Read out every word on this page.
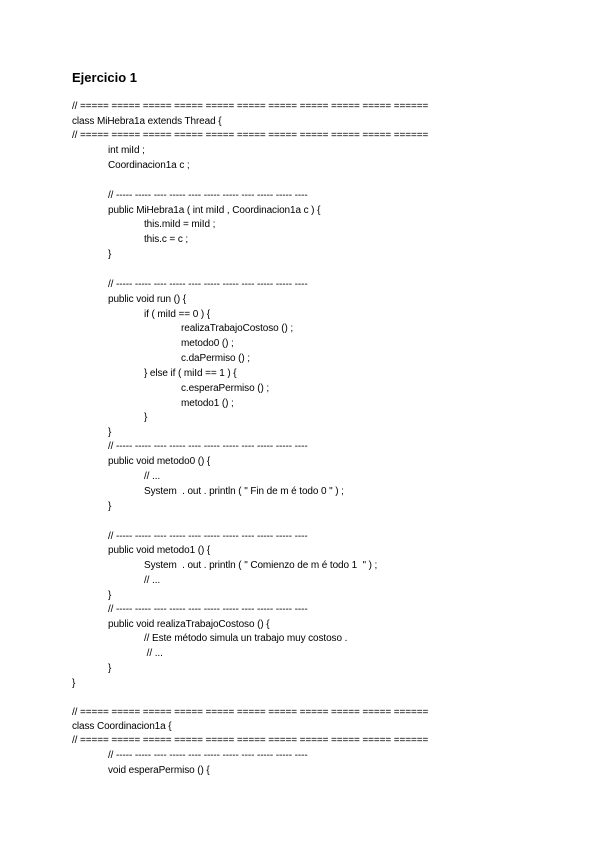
Ejercicio 1
// ===== ===== ===== ===== ===== ===== ===== ===== ===== ===== ======
class MiHebra1a extends Thread {
// ===== ===== ===== ===== ===== ===== ===== ===== ===== ===== ======
int miId ;
Coordinacion1a c ;
// ----- ----- ---- ----- ---- ----- ----- ---- ----- ----- ----
public MiHebra1a ( int miId , Coordinacion1a c ) {
this.miId = miId ;
this.c = c ;
}
// ----- ----- ---- ----- ---- ----- ----- ---- ----- ----- ----
public void run () {
if ( miId == 0 ) {
realizaTrabajoCostoso () ;
metodo0 () ;
c.daPermiso () ;
} else if ( miId == 1 ) {
c.esperaPermiso () ;
metodo1 () ;
}
}
// ----- ----- ---- ----- ---- ----- ----- ---- ----- ----- ----
public void metodo0 () {
// ...
System  . out . println ( " Fin de m é todo 0 " ) ;
}
// ----- ----- ---- ----- ---- ----- ----- ---- ----- ----- ----
public void metodo1 () {
System  . out . println ( " Comienzo de m é todo 1  " ) ;
// ...
}
// ----- ----- ---- ----- ---- ----- ----- ---- ----- ----- ----
public void realizaTrabajoCostoso () {
// Este método simula un trabajo muy costoso .
// ...
}
}
// ===== ===== ===== ===== ===== ===== ===== ===== ===== ===== ======
class Coordinacion1a {
// ===== ===== ===== ===== ===== ===== ===== ===== ===== ===== ======
// ----- ----- ---- ----- ---- ----- ----- ---- ----- ----- ----
void esperaPermiso () {
